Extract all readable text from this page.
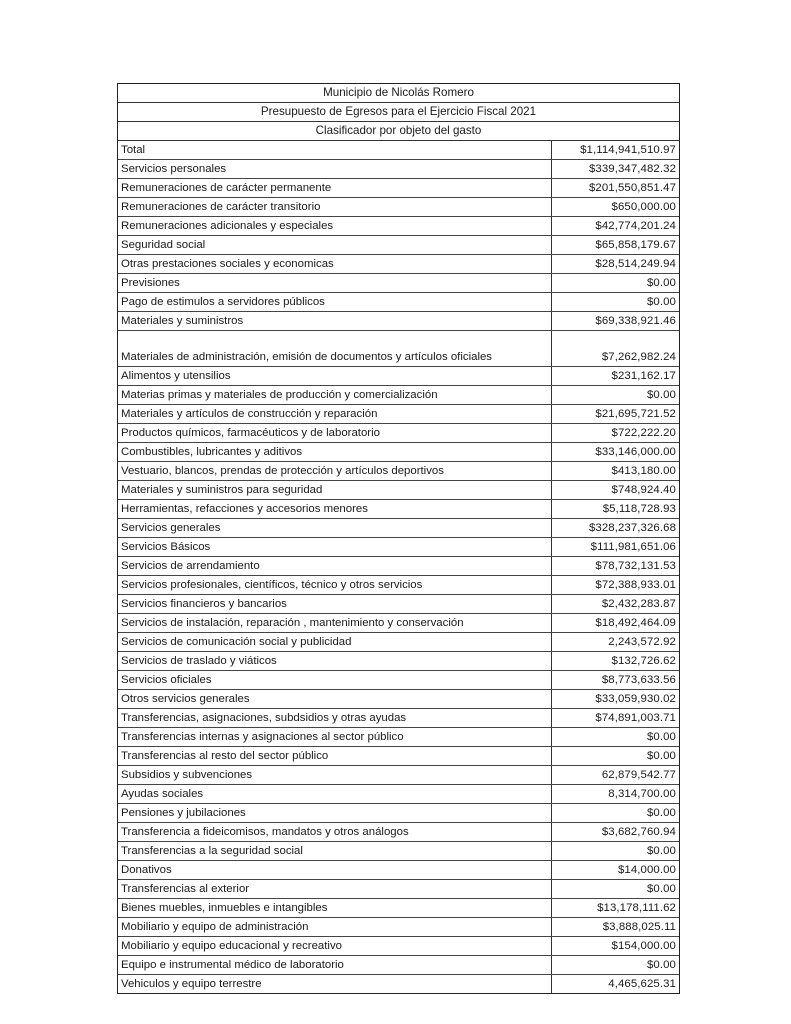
Municipio de Nicolás Romero
Presupuesto de Egresos para el Ejercicio Fiscal 2021
Clasificador por objeto del gasto
Total	$1,114,941,510.97
Servicios personales	$339,347,482.32
Remuneraciones de carácter permanente	$201,550,851.47
Remuneraciones de carácter transitorio	$650,000.00
Remuneraciones adicionales y especiales	$42,774,201.24
Seguridad social	$65,858,179.67
Otras prestaciones sociales y economicas	$28,514,249.94
Previsiones	$0.00
Pago de estimulos a servidores públicos	$0.00
Materiales y suministros	$69,338,921.46
Materiales de administración, emisión de documentos y artículos oficiales	$7,262,982.24
Alimentos y utensilios	$231,162.17
Materias primas y materiales de producción y comercialización	$0.00
Materiales y artículos de construcción y reparación	$21,695,721.52
Productos químicos, farmacéuticos y de laboratorio	$722,222.20
Combustibles, lubricantes y aditivos	$33,146,000.00
Vestuario, blancos, prendas de protección y artículos deportivos	$413,180.00
Materiales y suministros para seguridad	$748,924.40
Herramientas, refacciones y accesorios menores	$5,118,728.93
Servicios generales	$328,237,326.68
Servicios Básicos	$111,981,651.06
Servicios de arrendamiento	$78,732,131.53
Servicios profesionales, científicos, técnico y otros servicios	$72,388,933.01
Servicios financieros y bancarios	$2,432,283.87
Servicios de instalación, reparación , mantenimiento y conservación	$18,492,464.09
Servicios de comunicación social y publicidad	2,243,572.92
Servicios de traslado y viáticos	$132,726.62
Servicios oficiales	$8,773,633.56
Otros servicios generales	$33,059,930.02
Transferencias, asignaciones, subdsidios y otras ayudas	$74,891,003.71
Transferencias internas y asignaciones al sector público	$0.00
Transferencias al resto del sector público	$0.00
Subsidios y subvenciones	62,879,542.77
Ayudas sociales	8,314,700.00
Pensiones y jubilaciones	$0.00
Transferencia a fideicomisos, mandatos y otros análogos	$3,682,760.94
Transferencias a la seguridad social	$0.00
Donativos	$14,000.00
Transferencias al exterior	$0.00
Bienes muebles, inmuebles e intangibles	$13,178,111.62
Mobiliario y equipo de administración	$3,888,025.11
Mobiliario y equipo educacional y recreativo	$154,000.00
Equipo e instrumental médico de laboratorio	$0.00
Vehiculos y equipo terrestre	4,465,625.31
